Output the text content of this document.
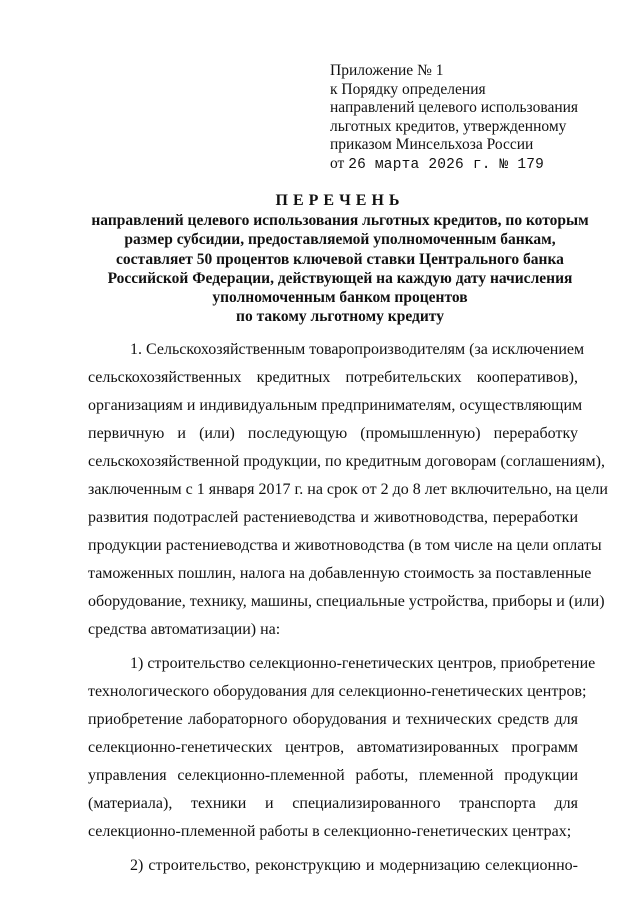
Приложение № 1
к Порядку определения
направлений целевого использования
льготных кредитов, утвержденному
приказом Минсельхоза России
от 26 марта 2026 г. № 179
ПЕРЕЧЕНЬ
направлений целевого использования льготных кредитов, по которым
размер субсидии, предоставляемой уполномоченным банкам,
составляет 50 процентов ключевой ставки Центрального банка
Российской Федерации, действующей на каждую дату начисления
уполномоченным банком процентов
по такому льготному кредиту
1. Сельскохозяйственным товаропроизводителям (за исключением
сельскохозяйственных кредитных потребительских кооперативов),
организациям и индивидуальным предпринимателям, осуществляющим
первичную и (или) последующую (промышленную) переработку
сельскохозяйственной продукции, по кредитным договорам (соглашениям),
заключенным с 1 января 2017 г. на срок от 2 до 8 лет включительно, на цели
развития подотраслей растениеводства и животноводства, переработки
продукции растениеводства и животноводства (в том числе на цели оплаты
таможенных пошлин, налога на добавленную стоимость за поставленные
оборудование, технику, машины, специальные устройства, приборы и (или)
средства автоматизации) на:
1) строительство селекционно-генетических центров, приобретение
технологического оборудования для селекционно-генетических центров;
приобретение лабораторного оборудования и технических средств для
селекционно-генетических центров, автоматизированных программ
управления селекционно-племенной работы, племенной продукции
(материала), техники и специализированного транспорта для
селекционно-племенной работы в селекционно-генетических центрах;
2) строительство, реконструкцию и модернизацию селекционно-
